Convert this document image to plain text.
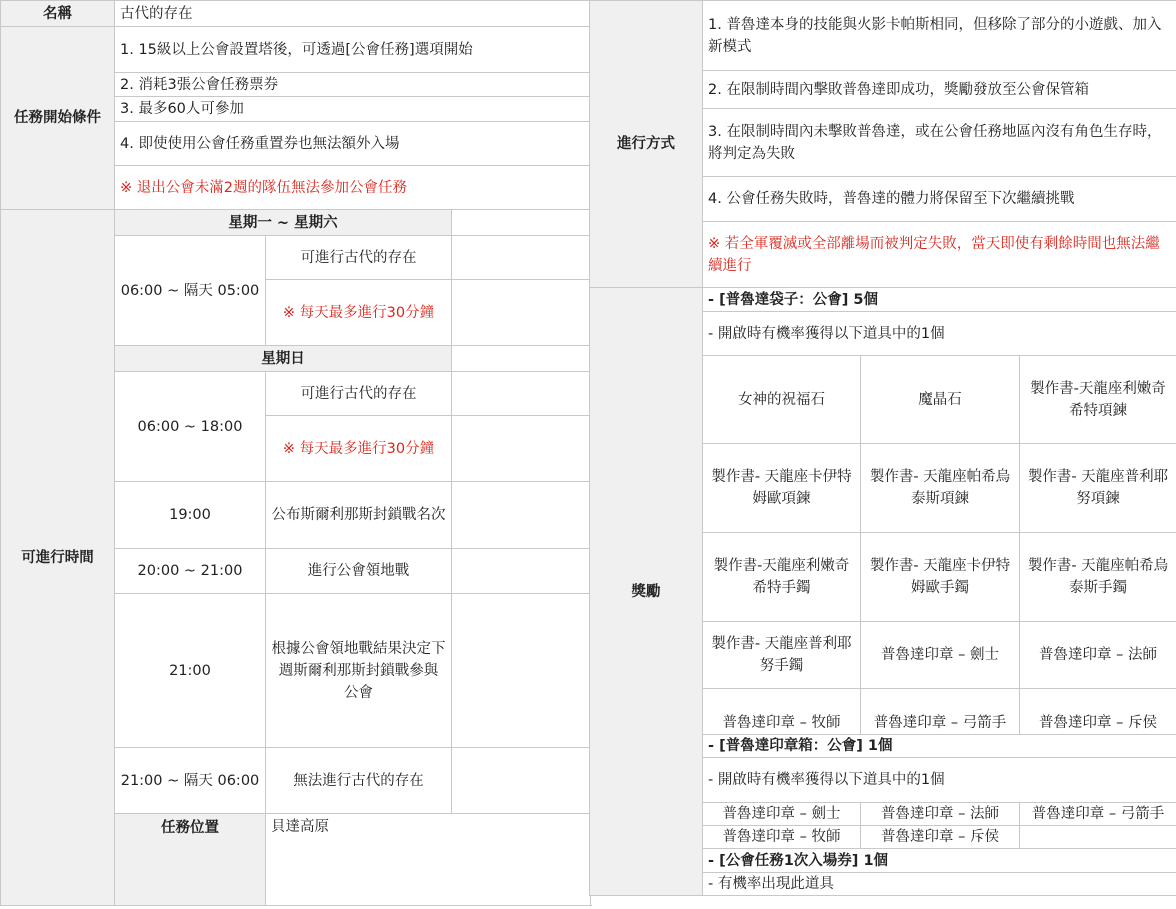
名稱	古代的存在		
任務開始條件	1. 15級以上公會設置塔後，可透過[公會任務]選項開始		
	2. 消耗3張公會任務票券		
	3. 最多60人可參加		
	4. 即使使用公會任務重置券也無法額外入場		
	※ 退出公會未滿2週的隊伍無法參加公會任務		
可進行時間	星期一 ~ 星期六		
	06:00 ~ 隔天 05:00	可進行古代的存在	
		※ 每天最多進行30分鐘	
	星期日		
	06:00 ~ 18:00	可進行古代的存在	
		※ 每天最多進行30分鐘	
	19:00	公布斯爾利那斯封鎖戰名次	
	20:00 ~ 21:00	進行公會領地戰	
	21:00	根據公會領地戰結果決定下週斯爾利那斯封鎖戰參與 公會	
	21:00 ~ 隔天 06:00	無法進行古代的存在	
	任務位置	貝達高原	
進行方式	1. 普魯達本身的技能與火影卡帕斯相同，但移除了部分的小遊戲、加入新模式		
	2. 在限制時間內擊敗普魯達即成功，獎勵發放至公會保管箱		
	3. 在限制時間內未擊敗普魯達，或在公會任務地區內沒有角色生存時，將判定為失敗		
	4. 公會任務失敗時，普魯達的體力將保留至下次繼續挑戰		
	※ 若全軍覆滅或全部離場而被判定失敗，當天即使有剩餘時間也無法繼續進行		
獎勵	- [普魯達袋子：公會] 5個		
	- 開啟時有機率獲得以下道具中的1個		
	女神的祝福石	魔晶石	製作書-天龍座利嫩奇希特項鍊
	製作書- 天龍座卡伊特姆歐項鍊	製作書- 天龍座帕希烏泰斯項鍊	製作書- 天龍座普利耶努項鍊
	製作書-天龍座利嫩奇希特手鐲	製作書- 天龍座卡伊特姆歐手鐲	製作書- 天龍座帕希烏泰斯手鐲
	製作書- 天龍座普利耶努手鐲	普魯達印章 – 劍士	普魯達印章 – 法師
	普魯達印章 – 牧師	普魯達印章 – 弓箭手	普魯達印章 – 斥侯
	- [普魯達印章箱：公會] 1個		
	- 開啟時有機率獲得以下道具中的1個		
	普魯達印章 – 劍士	普魯達印章 – 法師	普魯達印章 – 弓箭手
	普魯達印章 – 牧師	普魯達印章 – 斥侯	
	- [公會任務1次入場券] 1個		
	- 有機率出現此道具		
